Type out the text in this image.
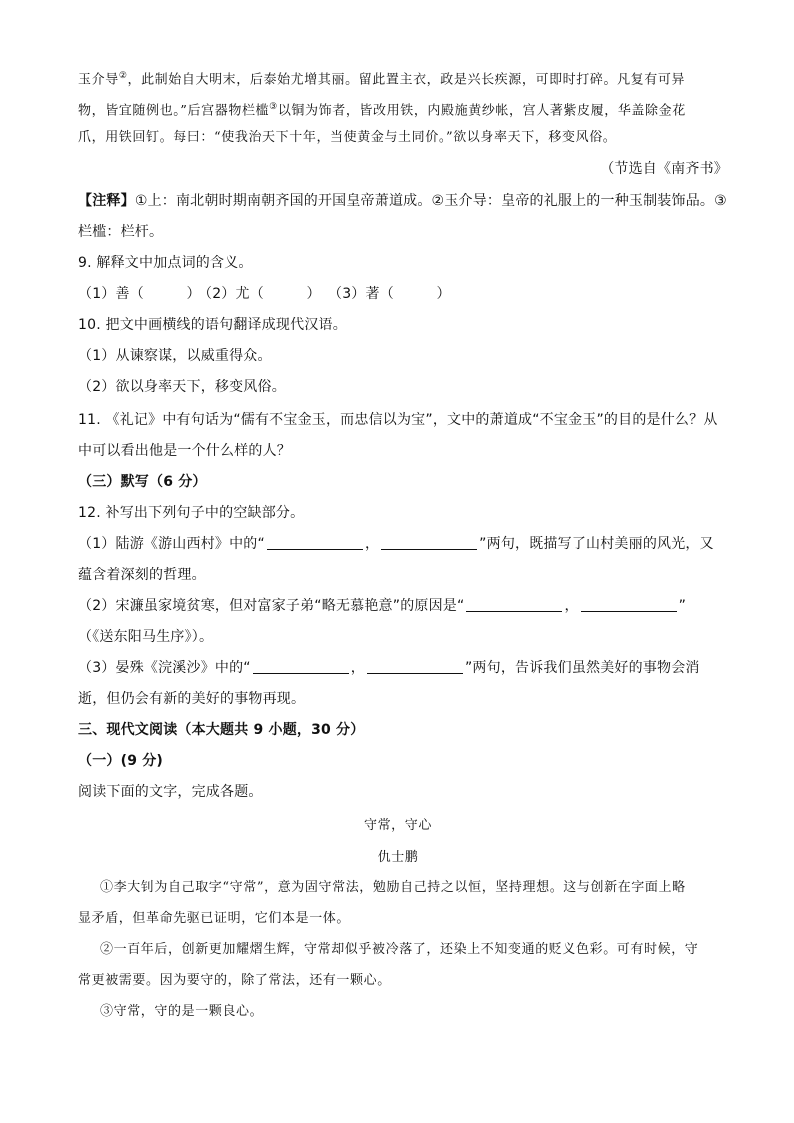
玉介导②，此制始自大明末，后泰始尤增其丽。留此置主衣，政是兴长疾源，可即时打碎。凡复有可异
物，皆宜随例也。”后宫器物栏槛③以铜为饰者，皆改用铁，内殿施黄纱帐，宫人著紫皮履，华盖除金花
爪，用铁回钉。每曰：“使我治天下十年，当使黄金与土同价。”欲以身率天下，移变风俗。
（节选自《南齐书》
【注释】①上：南北朝时期南朝齐国的开国皇帝萧道成。②玉介导：皇帝的礼服上的一种玉制装饰品。③
栏槛：栏杆。
9. 解释文中加点词的含义。
（1）善（　　　）（2）尤（　　　） （3）著（　　　）
10. 把文中画横线的语句翻译成现代汉语。
（1）从谏察谋，以威重得众。
（2）欲以身率天下，移变风俗。
11. 《礼记》中有句话为“儒有不宝金玉，而忠信以为宝”，文中的萧道成“不宝金玉”的目的是什么？从
中可以看出他是一个什么样的人？
（三）默写（6 分）
12. 补写出下列句子中的空缺部分。
（1）陆游《游山西村》中的“	，	”两句，既描写了山村美丽的风光，又
蕴含着深刻的哲理。
（2）宋濂虽家境贫寒，但对富家子弟“略无慕艳意”的原因是“	，	”
（《送东阳马生序》）。
（3）晏殊《浣溪沙》中的“	，	”两句，告诉我们虽然美好的事物会消
逝，但仍会有新的美好的事物再现。
三、现代文阅读（本大题共 9 小题，30 分）
（一）(9 分)
阅读下面的文字，完成各题。
守常，守心
仇士鹏
①李大钊为自己取字“守常”，意为固守常法，勉励自己持之以恒，坚持理想。这与创新在字面上略
显矛盾，但革命先驱已证明，它们本是一体。
②一百年后，创新更加耀熠生辉，守常却似乎被冷落了，还染上不知变通的贬义色彩。可有时候，守
常更被需要。因为要守的，除了常法，还有一颗心。
③守常，守的是一颗良心。
